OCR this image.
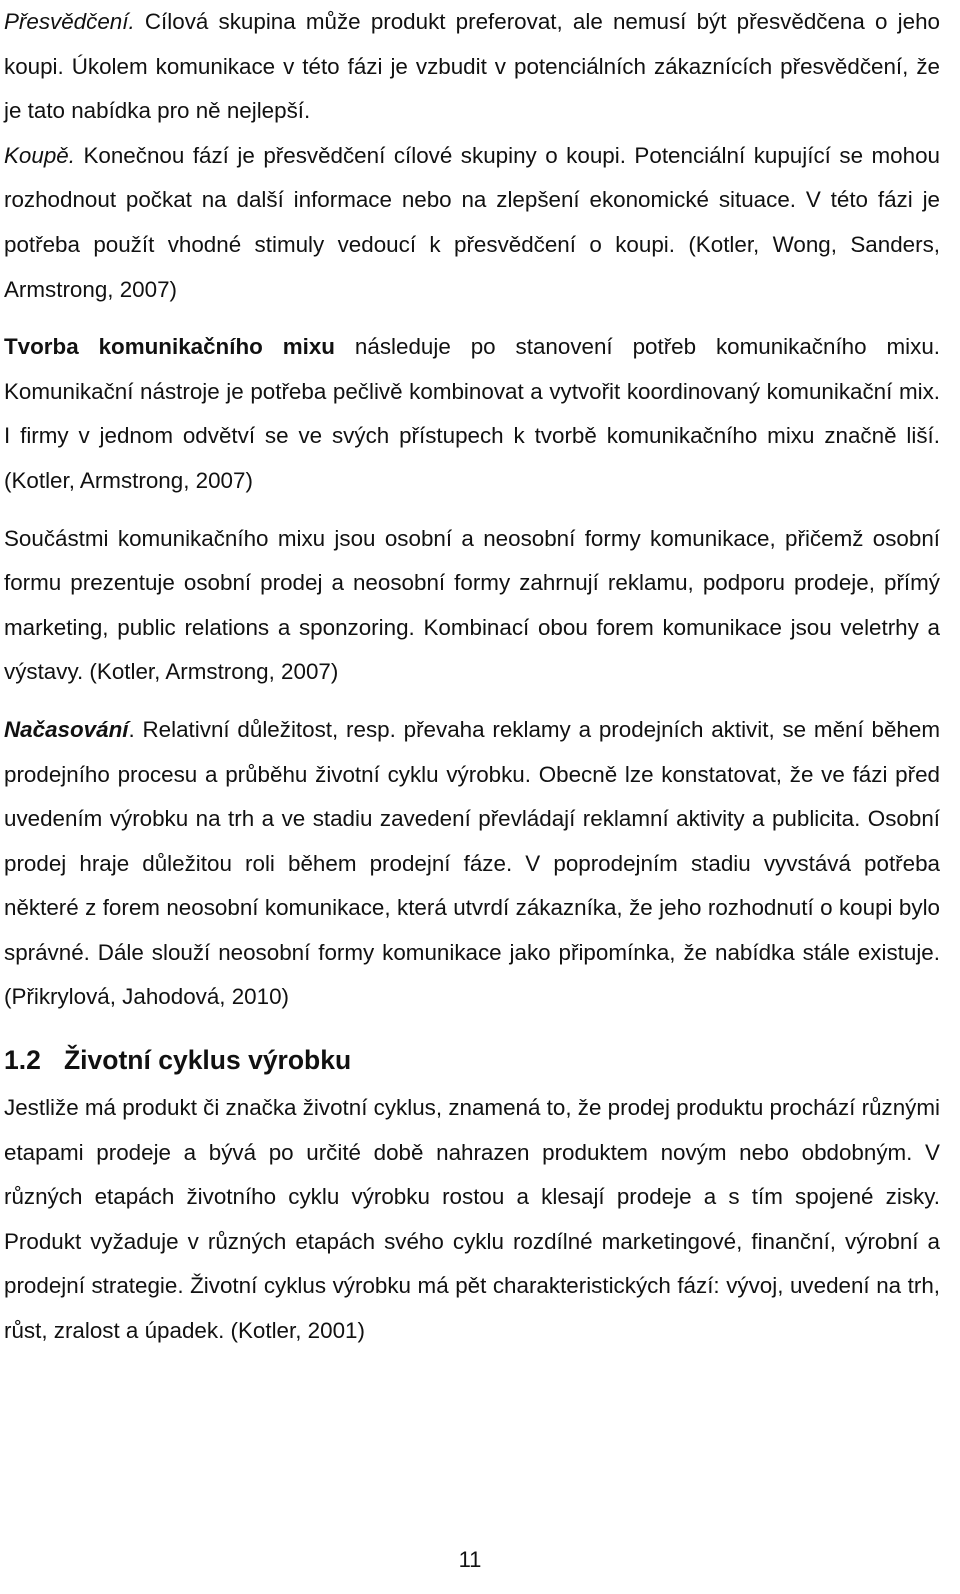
Přesvědčení. Cílová skupina může produkt preferovat, ale nemusí být přesvědčena o jeho koupi. Úkolem komunikace v této fázi je vzbudit v potenciálních zákaznících přesvědčení, že je tato nabídka pro ně nejlepší.

Koupě. Konečnou fází je přesvědčení cílové skupiny o koupi. Potenciální kupující se mohou rozhodnout počkat na další informace nebo na zlepšení ekonomické situace. V této fázi je potřeba použít vhodné stimuly vedoucí k přesvědčení o koupi. (Kotler, Wong, Sanders, Armstrong, 2007)

Tvorba komunikačního mixu následuje po stanovení potřeb komunikačního mixu. Komunikační nástroje je potřeba pečlivě kombinovat a vytvořit koordinovaný komunikační mix. I firmy v jednom odvětví se ve svých přístupech k tvorbě komunikačního mixu značně liší. (Kotler, Armstrong, 2007)

Součástmi komunikačního mixu jsou osobní a neosobní formy komunikace, přičemž osobní formu prezentuje osobní prodej a neosobní formy zahrnují reklamu, podporu prodeje, přímý marketing, public relations a sponzoring. Kombinací obou forem komunikace jsou veletrhy a výstavy. (Kotler, Armstrong, 2007)

Načasování. Relativní důležitost, resp. převaha reklamy a prodejních aktivit, se mění během prodejního procesu a průběhu životní cyklu výrobku. Obecně lze konstatovat, že ve fázi před uvedením výrobku na trh a ve stadiu zavedení převládají reklamní aktivity a publicita. Osobní prodej hraje důležitou roli během prodejní fáze. V poprodejním stadiu vyvstává potřeba některé z forem neosobní komunikace, která utvrdí zákazníka, že jeho rozhodnutí o koupi bylo správné. Dále slouží neosobní formy komunikace jako připomínka, že nabídka stále existuje. (Přikrylová, Jahodová, 2010)

1.2 Životní cyklus výrobku

Jestliže má produkt či značka životní cyklus, znamená to, že prodej produktu prochází různými etapami prodeje a bývá po určité době nahrazen produktem novým nebo obdobným. V různých etapách životního cyklu výrobku rostou a klesají prodeje a s tím spojené zisky. Produkt vyžaduje v různých etapách svého cyklu rozdílné marketingové, finanční, výrobní a prodejní strategie. Životní cyklus výrobku má pět charakteristických fází: vývoj, uvedení na trh, růst, zralost a úpadek. (Kotler, 2001)

11
